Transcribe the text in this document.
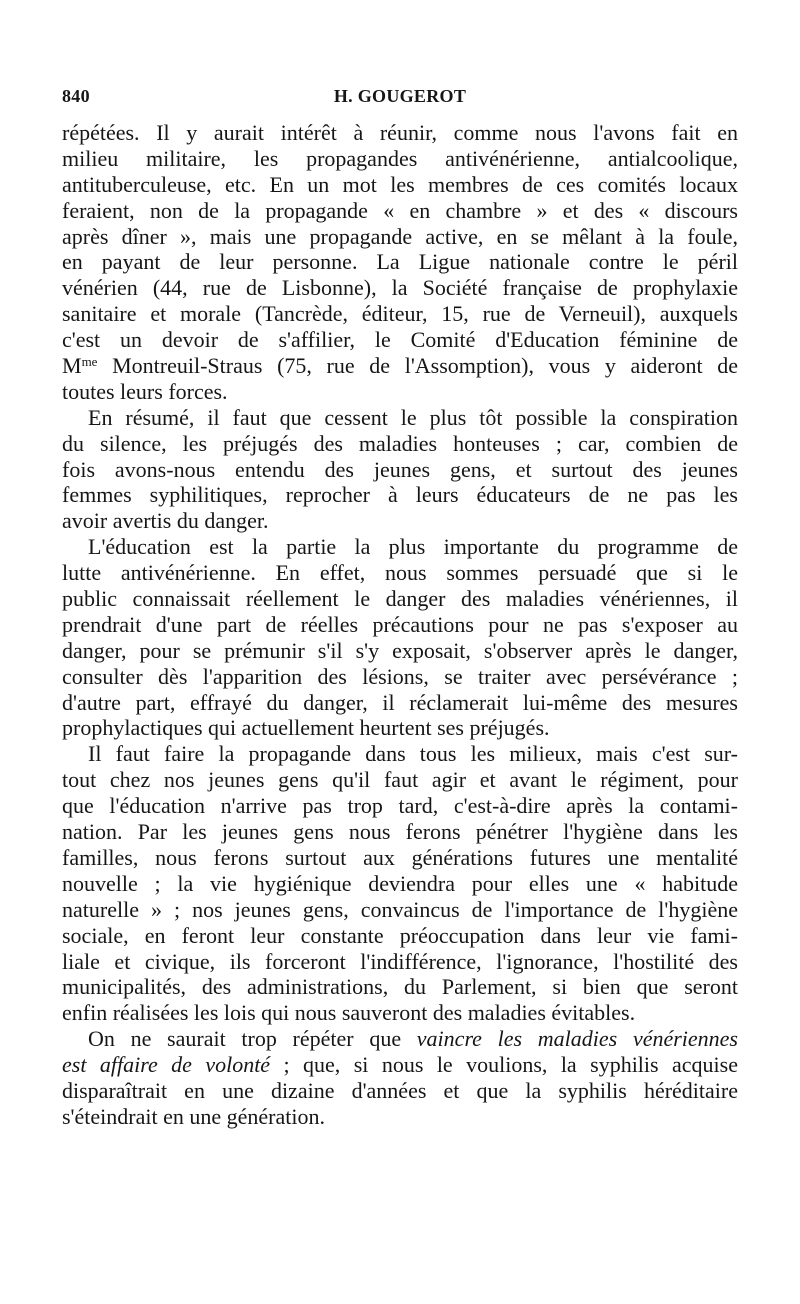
840	H. GOUGEROT
répétées. Il y aurait intérêt à réunir, comme nous l'avons fait en
milieu militaire, les propagandes antivénérienne, antialcoolique,
antituberculeuse, etc. En un mot les membres de ces comités locaux
feraient, non de la propagande « en chambre » et des « discours
après dîner », mais une propagande active, en se mêlant à la foule,
en payant de leur personne. La Ligue nationale contre le péril
vénérien (44, rue de Lisbonne), la Société française de prophylaxie
sanitaire et morale (Tancrède, éditeur, 15, rue de Verneuil), auxquels
c'est un devoir de s'affilier, le Comité d'Education féminine de
$M^{me}$ Montreuil-Straus (75, rue de l'Assomption), vous y aideront de
toutes leurs forces.
En résumé, il faut que cessent le plus tôt possible la conspiration
du silence, les préjugés des maladies honteuses ; car, combien de
fois avons-nous entendu des jeunes gens, et surtout des jeunes
femmes syphilitiques, reprocher à leurs éducateurs de ne pas les
avoir avertis du danger.
L'éducation est la partie la plus importante du programme de
lutte antivénérienne. En effet, nous sommes persuadé que si le
public connaissait réellement le danger des maladies vénériennes, il
prendrait d'une part de réelles précautions pour ne pas s'exposer au
danger, pour se prémunir s'il s'y exposait, s'observer après le danger,
consulter dès l'apparition des lésions, se traiter avec persévérance ;
d'autre part, effrayé du danger, il réclamerait lui-même des mesures
prophylactiques qui actuellement heurtent ses préjugés.
Il faut faire la propagande dans tous les milieux, mais c'est sur-
tout chez nos jeunes gens qu'il faut agir et avant le régiment, pour
que l'éducation n'arrive pas trop tard, c'est-à-dire après la contami-
nation. Par les jeunes gens nous ferons pénétrer l'hygiène dans les
familles, nous ferons surtout aux générations futures une mentalité
nouvelle ; la vie hygiénique deviendra pour elles une « habitude
naturelle » ; nos jeunes gens, convaincus de l'importance de l'hygiène
sociale, en feront leur constante préoccupation dans leur vie fami-
liale et civique, ils forceront l'indifférence, l'ignorance, l'hostilité des
municipalités, des administrations, du Parlement, si bien que seront
enfin réalisées les lois qui nous sauveront des maladies évitables.
On ne saurait trop répéter que vaincre les maladies vénériennes
est affaire de volonté ; que, si nous le voulions, la syphilis acquise
disparaîtrait en une dizaine d'années et que la syphilis héréditaire
s'éteindrait en une génération.
